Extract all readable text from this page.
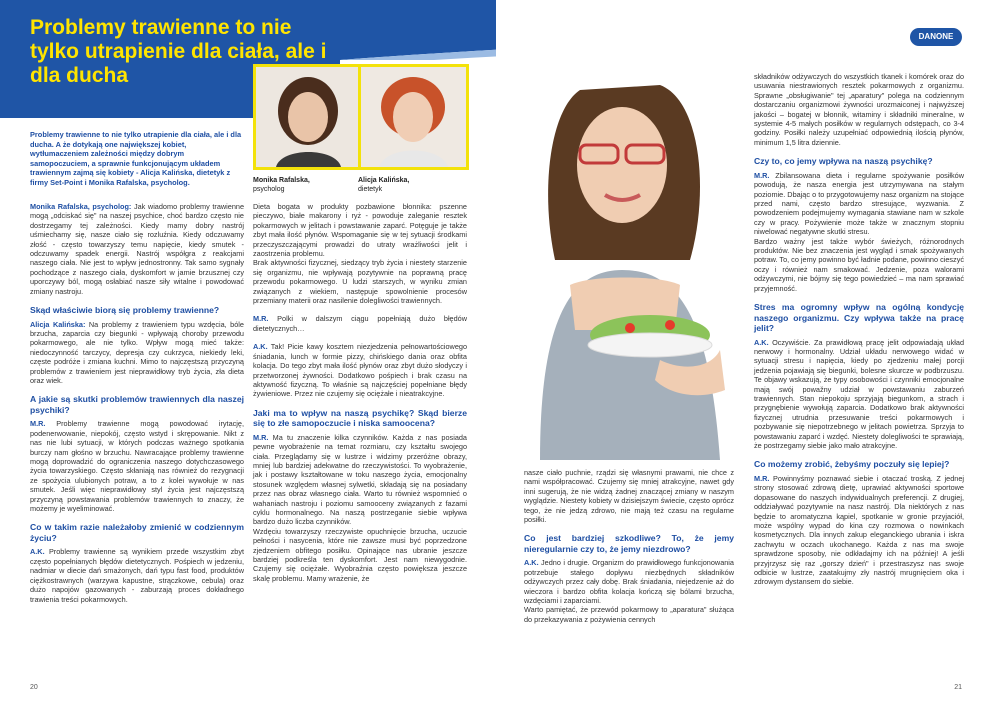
Problemy trawienne to nie tylko utrapienie dla ciała, ale i dla ducha
Monika Rafalska,
psycholog
Alicja Kalińska,
dietetyk
Problemy trawienne to nie tylko utrapienie dla ciała, ale i dla ducha. A że dotykają one największej kobiet, wytłumaczeniem zależności między dobrym samopoczuciem, a sprawnie funkcjonującym układem trawiennym zajmą się kobiety - Alicja Kalińska, dietetyk z firmy Set-Point i Monika Rafalska, psycholog.

Monika Rafalska, psycholog: Jak wiadomo problemy trawienne mogą „odciskać się" na naszej psychice, choć bardzo często nie dostrzegamy tej zależności. Kiedy mamy dobry nastrój uśmiechamy się, nasze ciało się rozluźnia. Kiedy odczuwamy złość - często towarzyszy temu napięcie, kiedy smutek - odczuwamy spadek energii. Nastrój współgra z reakcjami naszego ciała. Nie jest to wpływ jednostronny. Tak samo sygnały pochodzące z naszego ciała, dyskomfort w jamie brzusznej czy uporczywy ból, mogą osłabiać nasze siły witalne i powodować zmiany nastroju.

Skąd właściwie biorą się problemy trawienne?

Alicja Kalińska: Na problemy z trawieniem typu wzdęcia, bóle brzucha, zaparcia czy biegunki - wpływają choroby przewodu pokarmowego, ale nie tylko. Wpływ mogą mieć także: niedoczynność tarczycy, depresja czy cukrzyca, niekiedy leki, częste podróże i zmiana kuchni. Mimo to najczęstszą przyczyną problemów z trawieniem jest nieprawidłowy tryb życia, zła dieta oraz wiek.

A jakie są skutki problemów trawiennych dla naszej psychiki?

M.R. Problemy trawienne mogą powodować irytację, podenerwowanie, niepokój, często wstyd i skrępowanie. Nikt z nas nie lubi sytuacji, w których podczas ważnego spotkania burczy nam głośno w brzuchu. Nawracające problemy trawienne mogą doprowadzić do ograniczenia naszego dotychczasowego życia towarzyskiego. Często skłaniają nas również do rezygnacji ze spożycia ulubionych potraw, a to z kolei wywołuje w nas smutek. Jeśli więc nieprawidłowy styl życia jest najczęstszą przyczyną powstawania problemów trawiennych to znaczy, że możemy je wyeliminować.

Co w takim razie należałoby zmienić w codziennym życiu?

A.K. Problemy trawienne są wynikiem przede wszystkim zbyt często popełnianych błędów dietetycznych. Pośpiech w jedzeniu, nadmiar w diecie dań smażonych, dań typu fast food, produktów ciężkostrawnych (warzywa kapustne, strączkowe, cebula) oraz dużo napojów gazowanych - zaburzają proces dokładnego trawienia treści pokarmowych.

Dieta bogata w produkty pozbawione błonnika: pszenne pieczywo, białe makarony i ryż - powoduje zaleganie resztek pokarmowych w jelitach i powstawanie zaparć. Potęguje je także zbyt mała ilość płynów. Wspomaganie się w tej sytuacji środkami przeczyszczającymi prowadzi do utraty wrażliwości jelit i zaostrzenia problemu.

Brak aktywności fizycznej, siedzący tryb życia i niestety starzenie się organizmu, nie wpływają pozytywnie na poprawną pracę przewodu pokarmowego. U ludzi starszych, w wyniku zmian związanych z wiekiem, następuje spowolnienie procesów przemiany materii oraz nasilenie dolegliwości trawiennych.

M.R. Polki w dalszym ciągu popełniają dużo błędów dietetycznych…

A.K. Tak! Picie kawy kosztem niezjedzenia pełnowartościowego śniadania, lunch w formie pizzy, chińskiego dania oraz obfita kolacja. Do tego zbyt mała ilość płynów oraz zbyt dużo słodyczy i przetworzonej żywności. Dodatkowo pośpiech i brak czasu na aktywność fizyczną. To właśnie są najczęściej popełniane błędy żywieniowe. Przez nie czujemy się ociężałe i nieatrakcyjne.

Jaki ma to wpływ na naszą psychikę? Skąd bierze się to złe samopoczucie i niska samoocena?

M.R. Ma tu znaczenie kilka czynników. Każda z nas posiada pewne wyobrażenie na temat rozmiaru, czy kształtu swojego ciała. Przeglądamy się w lustrze i widzimy przeróżne obrazy, mniej lub bardziej adekwatne do rzeczywistości. To wyobrażenie, jak i postawy kształtowane w toku naszego życia, emocjonalny stosunek względem własnej sylwetki, składają się na posiadany przez nas obraz własnego ciała. Warto tu również wspomnieć o wahaniach nastroju i poziomu samooceny związanych z fazami cyklu hormonalnego. Na naszą postrzeganie siebie wpływa bardzo dużo liczba czynników.

Wzdęciu towarzyszy rzeczywiste opuchnięcie brzucha, uczucie pełności i nasycenia, które nie zawsze musi być poprzedzone zjedzeniem obfitego posiłku. Opinające nas ubranie jeszcze bardziej podkreśla ten dyskomfort. Jest nam niewygodnie. Czujemy się ociężałe. Wyobraźnia często powiększa jeszcze skalę problemu. Mamy wrażenie, że

20
DANONE
21

nasze ciało puchnie, rządzi się własnymi prawami, nie chce z nami współpracować. Czujemy się mniej atrakcyjne, nawet gdy inni sugerują, że nie widzą żadnej znaczącej zmiany w naszym wyglądzie. Niestety kobiety w dzisiejszym świecie, często oprócz tego, że nie jedzą zdrowo, nie mają też czasu na regularne posiłki.

Co jest bardziej szkodliwe? To, że jemy nieregularnie czy to, że jemy niezdrowo?

A.K. Jedno i drugie. Organizm do prawidłowego funkcjonowania potrzebuje stałego dopływu niezbędnych składników odżywczych przez cały dobę. Brak śniadania, niejedzenie aż do wieczora i bardzo obfita kolacja kończą się bólami brzucha, wzdęciami i zaparciami.

Warto pamiętać, że przewód pokarmowy to „aparatura" służąca do przekazywania z pożywienia cennych

składników odżywczych do wszystkich tkanek i komórek oraz do usuwania niestrawionych resztek pokarmowych z organizmu. Sprawne „obsługiwanie" tej „aparatury" polega na codziennym dostarczaniu organizmowi żywności urozmaiconej i najwyższej jakości – bogatej w błonnik, witaminy i składniki mineralne, w systemie 4-5 małych posiłków w regularnych odstępach, co 3-4 godziny. Posiłki należy uzupełniać odpowiednią ilością płynów, minimum 1,5 litra dziennie.

Czy to, co jemy wpływa na naszą psychikę?

M.R. Zbilansowana dieta i regularne spożywanie posiłków powodują, że nasza energia jest utrzymywana na stałym poziomie. Dbając o to przygotowujemy nasz organizm na stojące przed nami, często bardzo stresujące, wyzwania. Z powodzeniem podejmujemy wymagania stawiane nam w szkole czy w pracy. Pożywienie może także w znacznym stopniu niwelować negatywne skutki stresu.

Bardzo ważny jest także wybór świeżych, różnorodnych produktów. Nie bez znaczenia jest wygląd i smak spożywanych potraw. To, co jemy powinno być ładnie podane, powinno cieszyć oczy i również nam smakować. Jedzenie, poza walorami odżywczymi, nie bójmy się tego powiedzieć – ma nam sprawiać przyjemność.

Stres ma ogromny wpływ na ogólną kondycję naszego organizmu. Czy wpływa także na pracę jelit?

A.K. Oczywiście. Za prawidłową pracę jelit odpowiadają układ nerwowy i hormonalny. Udział układu nerwowego widać w sytuacji stresu i napięcia, kiedy po zjedzeniu małej porcji jedzenia pojawiają się biegunki, bolesne skurcze w podbrzuszu. Te objawy wskazują, że typy osobowości i czynniki emocjonalne mają swój powažny udział w powstawaniu zaburzeń trawiennych. Stan niepokoju sprzyjają biegunkom, a strach i przygnębienie wywołują zaparcia. Dodatkowo brak aktywności fizycznej utrudnia przesuwanie treści pokarmowych i pozbywanie się niepotrzebnego w jelitach powietrza. Sprzyja to powstawaniu zaparć i wzdęć. Niestety dolegliwości te sprawiają, że postrzegamy siebie jako mało atrakcyjne.

Co możemy zrobić, żebyśmy poczuły się lepiej?

M.R. Powinnyśmy poznawać siebie i otaczać troską. Z jednej strony stosować zdrową dietę, uprawiać aktywności sportowe dopasowane do naszych indywidualnych preferencji. Z drugiej, oddziaływać pozytywnie na nasz nastrój. Dla niektórych z nas będzie to aromatyczna kąpiel, spotkanie w gronie przyjaciół, może wspólny wypad do kina czy rozmowa o nowinkach kosmetycznych. Dla innych zakup eleganckiego ubrania i iskra zachwytu w oczach ukochanego. Każda z nas ma swoje sprawdzone sposoby, nie odkładajmy ich na później! A jeśli przyjrzysz się raz „gorszy dzień" i przestraszysz nas swoje odbicie w lustrze, zaatakujmy zły nastrój mrugnięciem oka i zdrowym dystansem do siebie.
